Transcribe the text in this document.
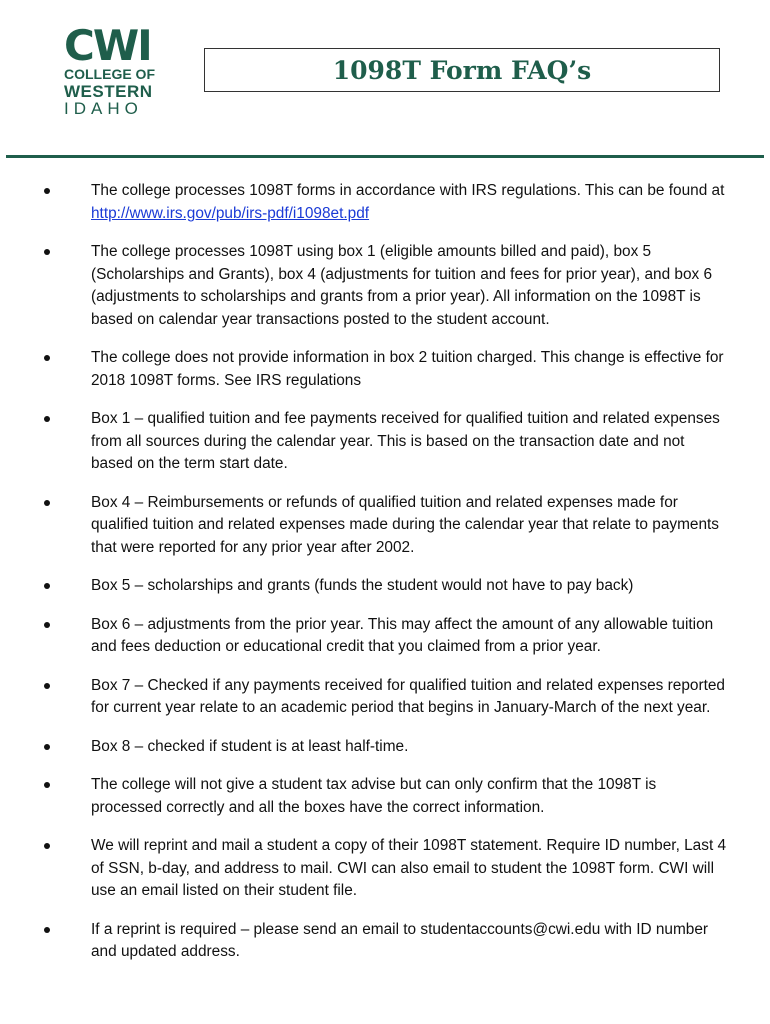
CWI
COLLEGE OF
WESTERN
IDAHO
1098T Form FAQ’s
The college processes 1098T forms in accordance with IRS regulations. This can be found at http://www.irs.gov/pub/irs-pdf/i1098et.pdf
The college processes 1098T using box 1 (eligible amounts billed and paid), box 5 (Scholarships and Grants), box 4 (adjustments for tuition and fees for prior year), and box 6 (adjustments to scholarships and grants from a prior year). All information on the 1098T is based on calendar year transactions posted to the student account.
The college does not provide information in box 2 tuition charged. This change is effective for 2018 1098T forms. See IRS regulations
Box 1 – qualified tuition and fee payments received for qualified tuition and related expenses from all sources during the calendar year. This is based on the transaction date and not based on the term start date.
Box 4 – Reimbursements or refunds of qualified tuition and related expenses made for qualified tuition and related expenses made during the calendar year that relate to payments that were reported for any prior year after 2002.
Box 5 – scholarships and grants (funds the student would not have to pay back)
Box 6 – adjustments from the prior year. This may affect the amount of any allowable tuition and fees deduction or educational credit that you claimed from a prior year.
Box 7 – Checked if any payments received for qualified tuition and related expenses reported for current year relate to an academic period that begins in January-March of the next year.
Box 8 – checked if student is at least half-time.
The college will not give a student tax advise but can only confirm that the 1098T is processed correctly and all the boxes have the correct information.
We will reprint and mail a student a copy of their 1098T statement. Require ID number, Last 4 of SSN, b-day, and address to mail. CWI can also email to student the 1098T form. CWI will use an email listed on their student file.
If a reprint is required – please send an email to studentaccounts@cwi.edu with ID number and updated address.
